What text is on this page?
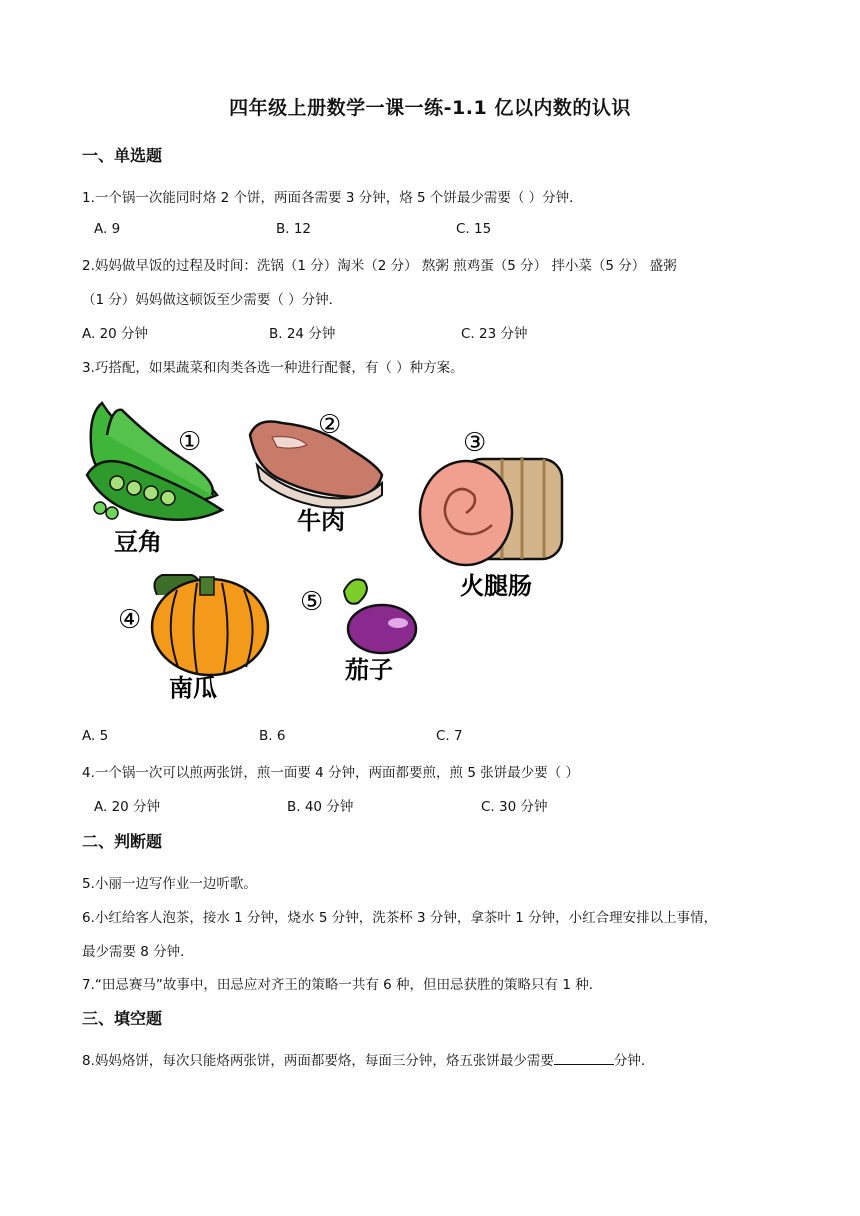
四年级上册数学一课一练-1.1 亿以内数的认识
一、单选题
1.一个锅一次能同时烙 2 个饼，两面各需要 3 分钟，烙 5 个饼最少需要（ ）分钟．
A. 9	B. 12	C. 15
2.妈妈做早饭的过程及时间：洗锅（1 分）淘米（2 分） 熬粥 煎鸡蛋（5 分） 拌小菜（5 分） 盛粥
（1 分）妈妈做这顿饭至少需要（ ）分钟．
A. 20 分钟	B. 24 分钟	C. 23 分钟
3.巧搭配，如果蔬菜和肉类各选一种进行配餐，有（ ）种方案。
①
豆角
②
牛肉
③
火腿肠
④
南瓜
⑤
茄子
A. 5	B. 6	C. 7
4.一个锅一次可以煎两张饼，煎一面要 4 分钟，两面都要煎，煎 5 张饼最少要（ ）
A. 20 分钟	B. 40 分钟	C. 30 分钟
二、判断题
5.小丽一边写作业一边听歌。
6.小红给客人泡茶，接水 1 分钟，烧水 5 分钟，洗茶杯 3 分钟，拿茶叶 1 分钟，小红合理安排以上事情，
最少需要 8 分钟．
7.“田忌赛马”故事中，田忌应对齐王的策略一共有 6 种，但田忌获胜的策略只有 1 种．
三、填空题
8.妈妈烙饼，每次只能烙两张饼，两面都要烙，每面三分钟，烙五张饼最少需要	分钟．
